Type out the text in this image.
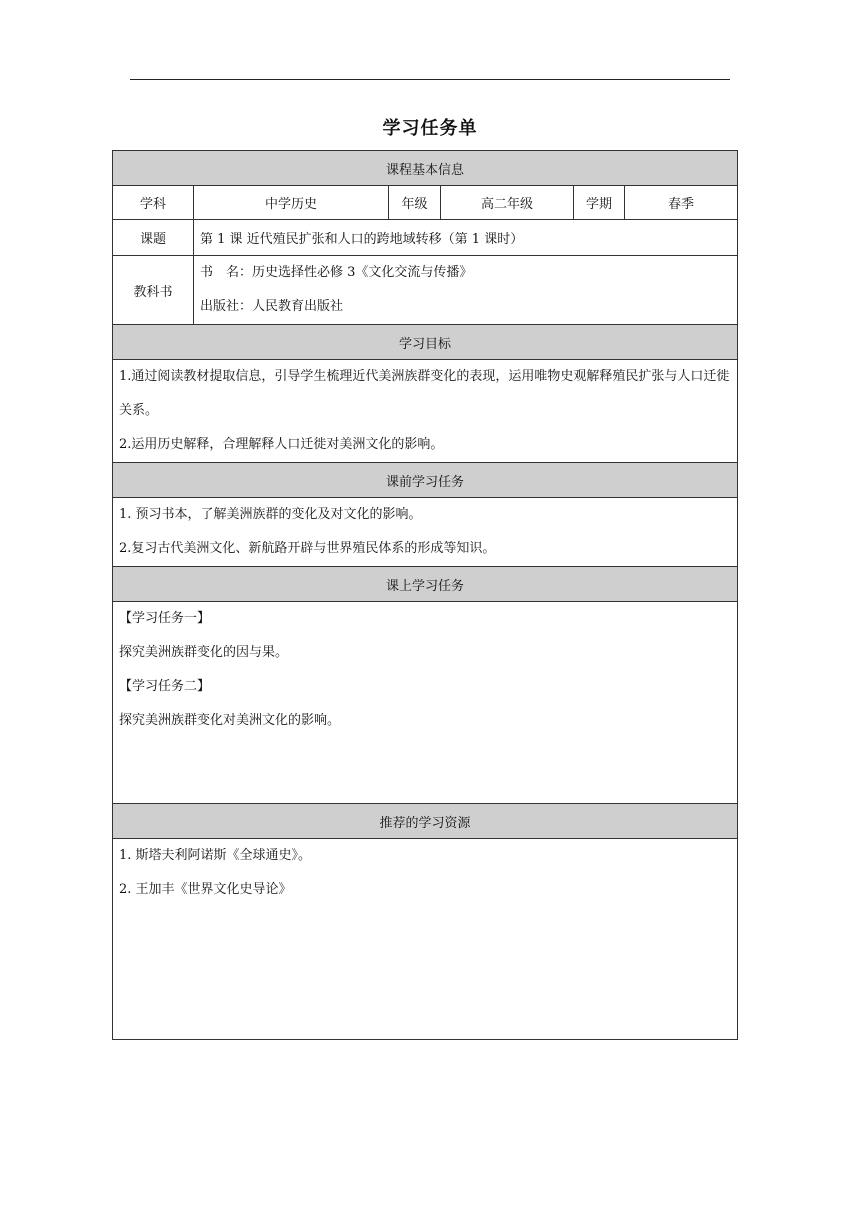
学习任务单
课程基本信息					
学科	中学历史	年级	高二年级	学期	春季
课题	第 1 课 近代殖民扩张和人口的跨地域转移（第 1 课时）				
教科书	书　名：历史选择性必修 3《文化交流与传播》
出版社：人民教育出版社				

学习目标					

1.通过阅读教材提取信息，引导学生梳理近代美洲族群变化的表现，运用唯物史观解释殖民扩张与人口迁徙关系。
2.运用历史解释，合理解释人口迁徙对美洲文化的影响。					

课前学习任务					

1. 预习书本，了解美洲族群的变化及对文化的影响。
2.复习古代美洲文化、新航路开辟与世界殖民体系的形成等知识。					

课上学习任务					

【学习任务一】
探究美洲族群变化的因与果。
【学习任务二】
探究美洲族群变化对美洲文化的影响。					

推荐的学习资源					

1. 斯塔夫利阿诺斯《全球通史》。
2. 王加丰《世界文化史导论》					
